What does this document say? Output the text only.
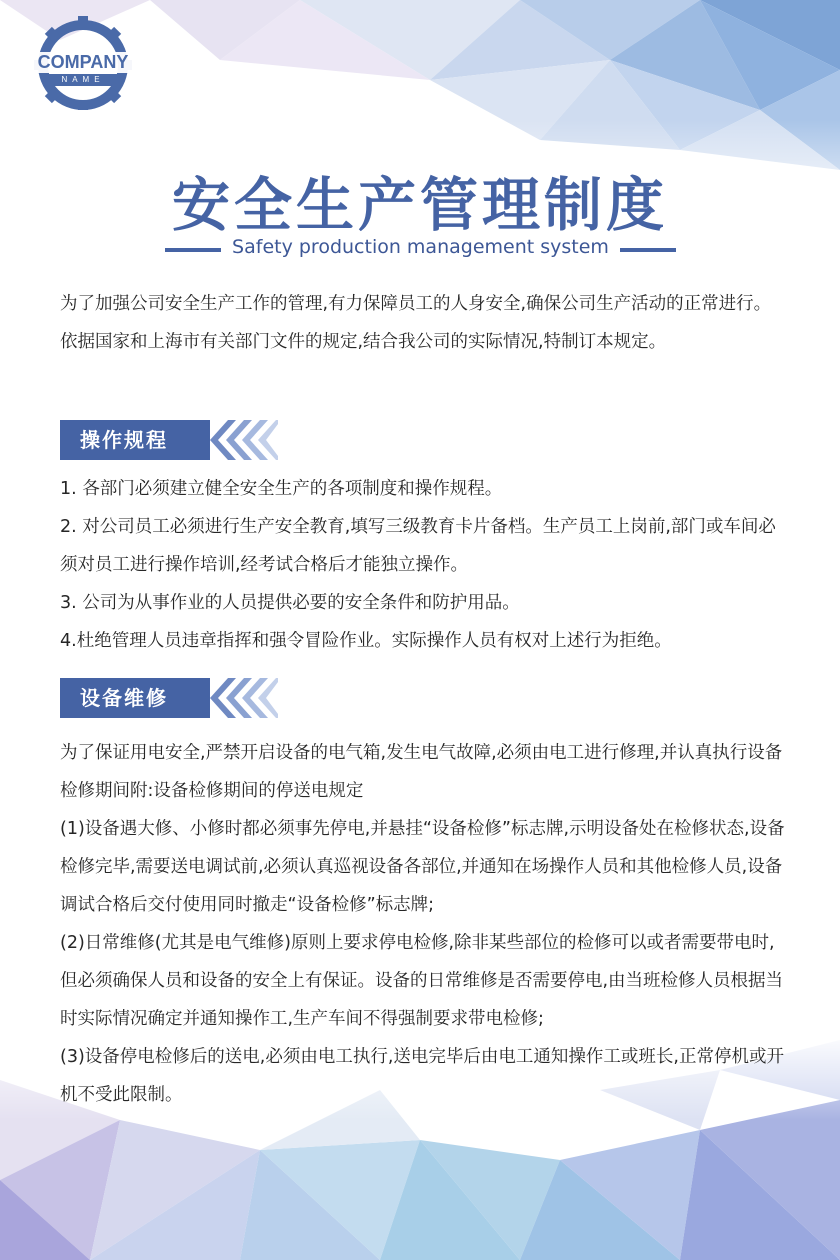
COMPANY
NAME
安全生产管理制度
Safety production management system
为了加强公司安全生产工作的管理,有力保障员工的人身安全,确保公司生产活动的正常进行。依据国家和上海市有关部门文件的规定,结合我公司的实际情况,特制订本规定。
操作规程

1. 各部门必须建立健全安全生产的各项制度和操作规程。

2. 对公司员工必须进行生产安全教育,填写三级教育卡片备档。生产员工上岗前,部门或车间必须对员工进行操作培训,经考试合格后才能独立操作。

3. 公司为从事作业的人员提供必要的安全条件和防护用品。

4.杜绝管理人员违章指挥和强令冒险作业。实际操作人员有权对上述行为拒绝。

设备维修

为了保证用电安全,严禁开启设备的电气箱,发生电气故障,必须由电工进行修理,并认真执行设备检修期间附:设备检修期间的停送电规定

(1)设备遇大修、小修时都必须事先停电,并悬挂“设备检修”标志牌,示明设备处在检修状态,设备检修完毕,需要送电调试前,必须认真巡视设备各部位,并通知在场操作人员和其他检修人员,设备调试合格后交付使用同时撤走“设备检修”标志牌;

(2)日常维修(尤其是电气维修)原则上要求停电检修,除非某些部位的检修可以或者需要带电时,但必须确保人员和设备的安全上有保证。设备的日常维修是否需要停电,由当班检修人员根据当时实际情况确定并通知操作工,生产车间不得强制要求带电检修;

(3)设备停电检修后的送电,必须由电工执行,送电完毕后由电工通知操作工或班长,正常停机或开机不受此限制。
